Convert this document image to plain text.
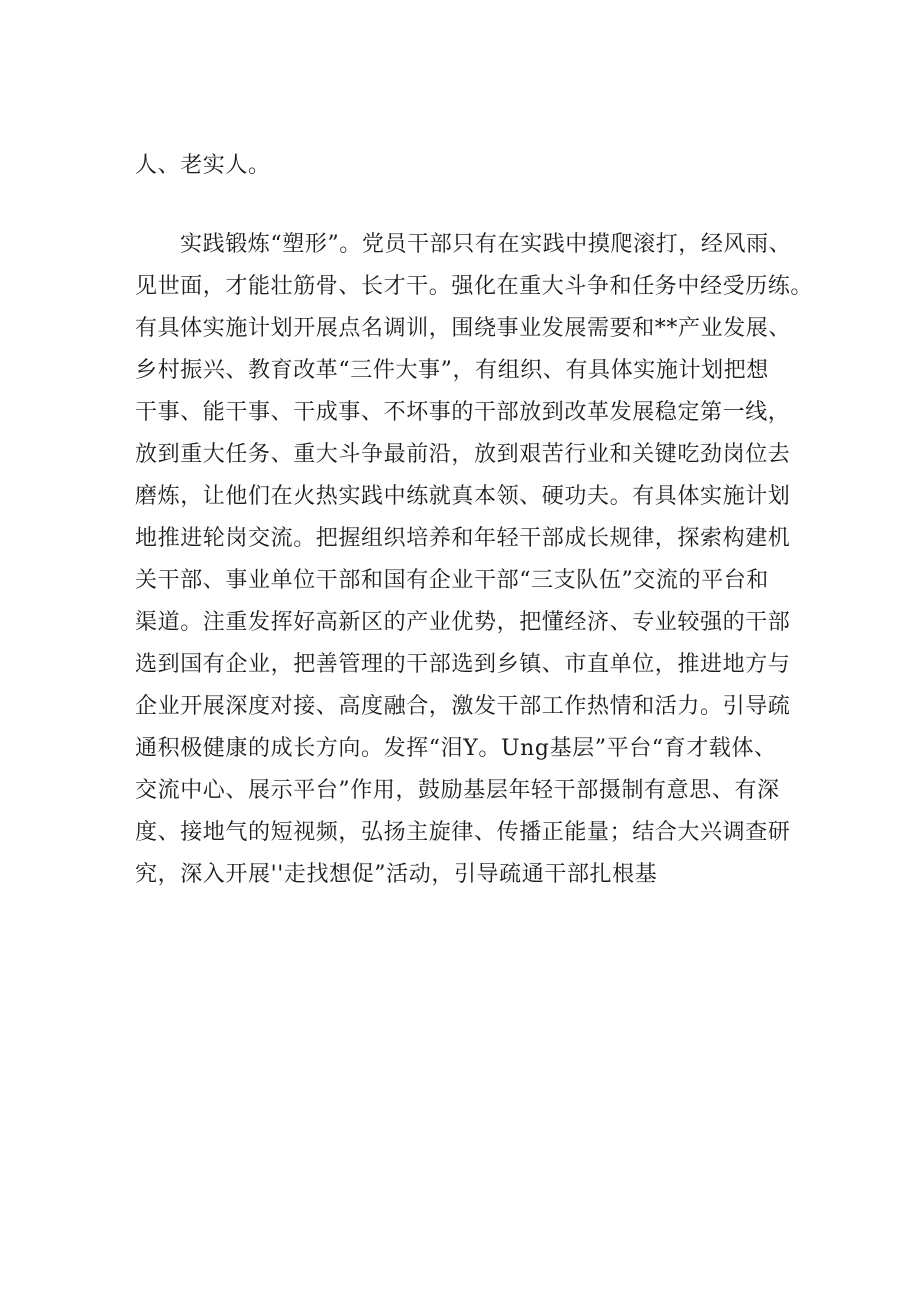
人、老实人。
实践锻炼“塑形”。党员干部只有在实践中摸爬滚打，经风雨、
见世面，才能壮筋骨、长才干。强化在重大斗争和任务中经受历练。
有具体实施计划开展点名调训，围绕事业发展需要和**产业发展、
乡村振兴、教育改革“三件大事”，有组织、有具体实施计划把想
干事、能干事、干成事、不坏事的干部放到改革发展稳定第一线，
放到重大任务、重大斗争最前沿，放到艰苦行业和关键吃劲岗位去
磨炼，让他们在火热实践中练就真本领、硬功夫。有具体实施计划
地推进轮岗交流。把握组织培养和年轻干部成长规律，探索构建机
关干部、事业单位干部和国有企业干部“三支队伍”交流的平台和
渠道。注重发挥好高新区的产业优势，把懂经济、专业较强的干部
选到国有企业，把善管理的干部选到乡镇、市直单位，推进地方与
企业开展深度对接、高度融合，激发干部工作热情和活力。引导疏
通积极健康的成长方向。发挥“泪Y。Ung基层”平台“育才载体、
交流中心、展示平台”作用，鼓励基层年轻干部摄制有意思、有深
度、接地气的短视频，弘扬主旋律、传播正能量；结合大兴调查研
究，深入开展''走找想促”活动，引导疏通干部扎根基
